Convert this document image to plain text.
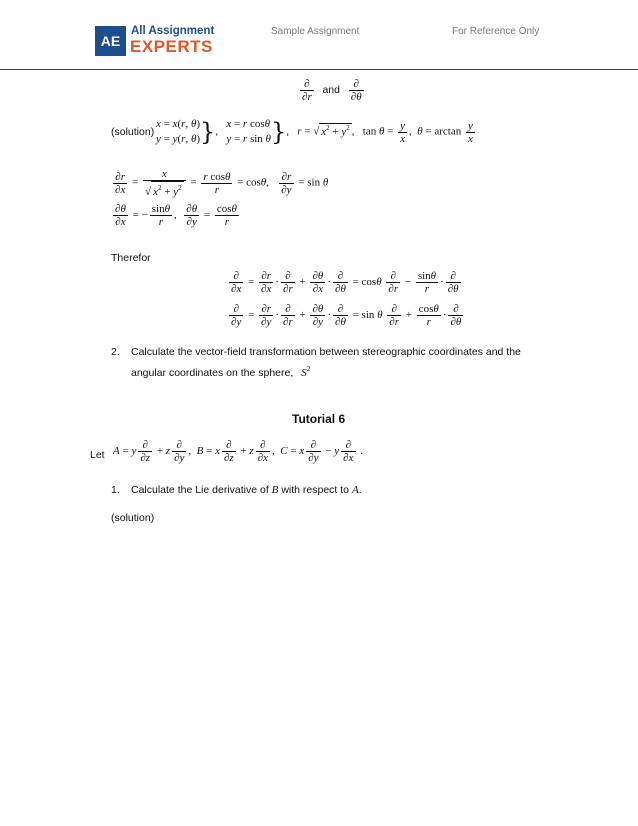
AE
All Assignment
EXPERTS
Sample Assignment	For Reference Only
$\frac{\partial}{\partial r}$ and $\frac{\partial}{\partial\theta}$
(solution)
x = x(r, θ)
y = y(r, θ)},   x = r cosθ
y = r sin θ},   r = √ $x^2 + y^2$ ,   $\tan \theta = \frac{y}{x}$ ,  $\theta = \arctan \frac{y}{x}$
$\frac{\partial r}{\partial x} = \frac{x}{√ x^2 + y^2} = \frac{\text{r cosθ}}{r} = \cos\theta$, $\frac{\partial r}{\partial y} = \sin \theta$
$\frac{\partial\theta}{\partial x}$ = − $\frac{\sin\theta}{r}$ , $\frac{\partial\theta}{\partial y} = \frac{\cos\theta}{r}$
Therefor
$\frac{\partial}{\partial x} = \frac{\partial r}{\partial x} \cdot \frac{\partial}{\partial r} + \frac{\partial\theta}{\partial x} \cdot \frac{\partial}{\partial\theta} = \cos\theta \frac{\partial}{\partial r} - \frac{\sin\theta}{r} \cdot \frac{\partial}{\partial\theta}$
$\frac{\partial}{\partial y} = \frac{\partial r}{\partial y} \cdot \frac{\partial}{\partial r} + \frac{\partial\theta}{\partial y} \cdot \frac{\partial}{\partial\theta} = \sin \theta \frac{\partial}{\partial r} + \frac{\cos\theta}{r} \cdot \frac{\partial}{\partial\theta}$
2. Calculate the vector-field transformation between stereographic coordinates and the
angular coordinates on the sphere, $S^2$
Tutorial 6
Let A = y $\frac{\partial}{\partial z} + z \frac{\partial}{\partial y}$ ,  B = x $\frac{\partial}{\partial z} + z \frac{\partial}{\partial x}$ ,  C = x $\frac{\partial}{\partial y} - y \frac{\partial}{\partial x}$ .
1. Calculate the Lie derivative of B with respect to A.
(solution)
